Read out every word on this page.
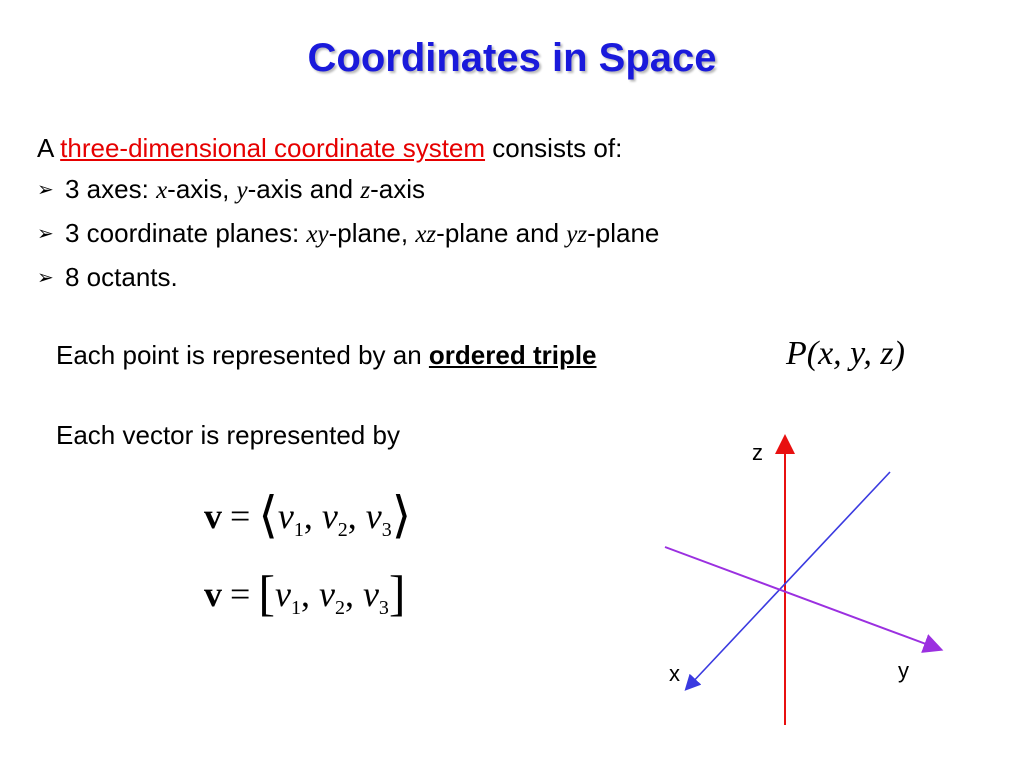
Coordinates in Space
A three-dimensional coordinate system consists of:
➢ 3 axes: x-axis, y-axis and z-axis
➢ 3 coordinate planes: xy-plane, xz-plane and yz-plane
➢ 8 octants.
Each point is represented by an ordered triple	P(x, y, z)
Each vector is represented by
$v = ⟨v_1$, $v_2$, $v_3⟩$
$v = [v_1$, $v_2$, $v_3$]
z
x	y
